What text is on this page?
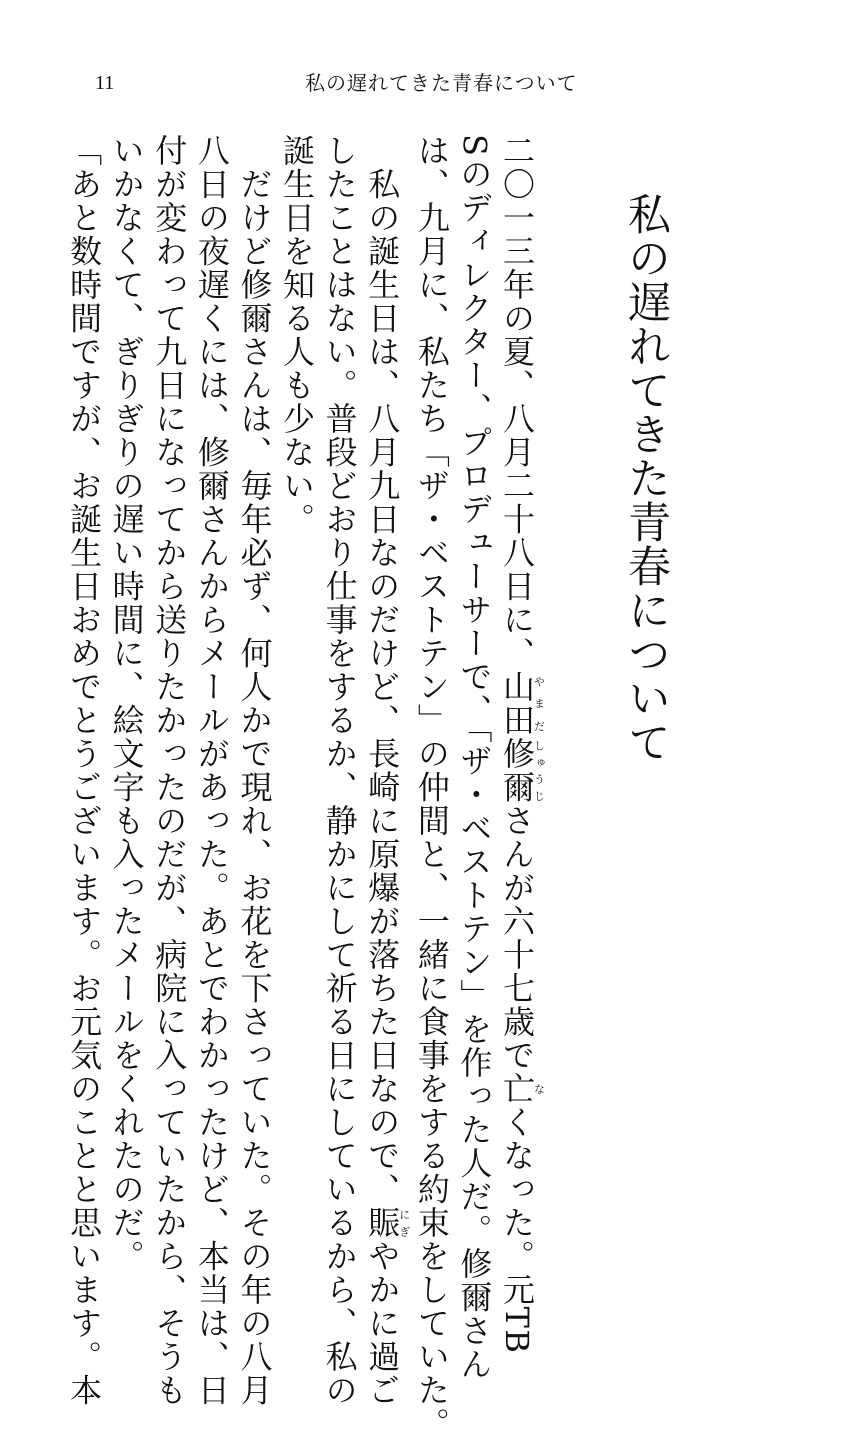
11	私の遅れてきた青春について
私の遅れてきた青春について

二〇一三年の夏、八月二十八日に、山田やまだ修爾しゅうじさんが六十七歳で亡なくなった。元TB
Sのディレクター、プロデューサーで、「ザ・ベストテン」を作った人だ。修爾さん
は、九月に、私たち「ザ・ベストテン」の仲間と、一緒に食事をする約束をしていた。

　私の誕生日は、八月九日なのだけど、長崎に原爆が落ちた日なので、賑にぎやかに過ご
したことはない。普段どおり仕事をするか、静かにして祈る日にしているから、私の
誕生日を知る人も少ない。

　だけど修爾さんは、毎年必ず、何人かで現れ、お花を下さっていた。その年の八月
八日の夜遅くには、修爾さんからメールがあった。あとでわかったけど、本当は、日
付が変わって九日になってから送りたかったのだが、病院に入っていたから、そうも
いかなくて、ぎりぎりの遅い時間に、絵文字も入ったメールをくれたのだ。
「あと数時間ですが、お誕生日おめでとうございます。お元気のことと思います。本
